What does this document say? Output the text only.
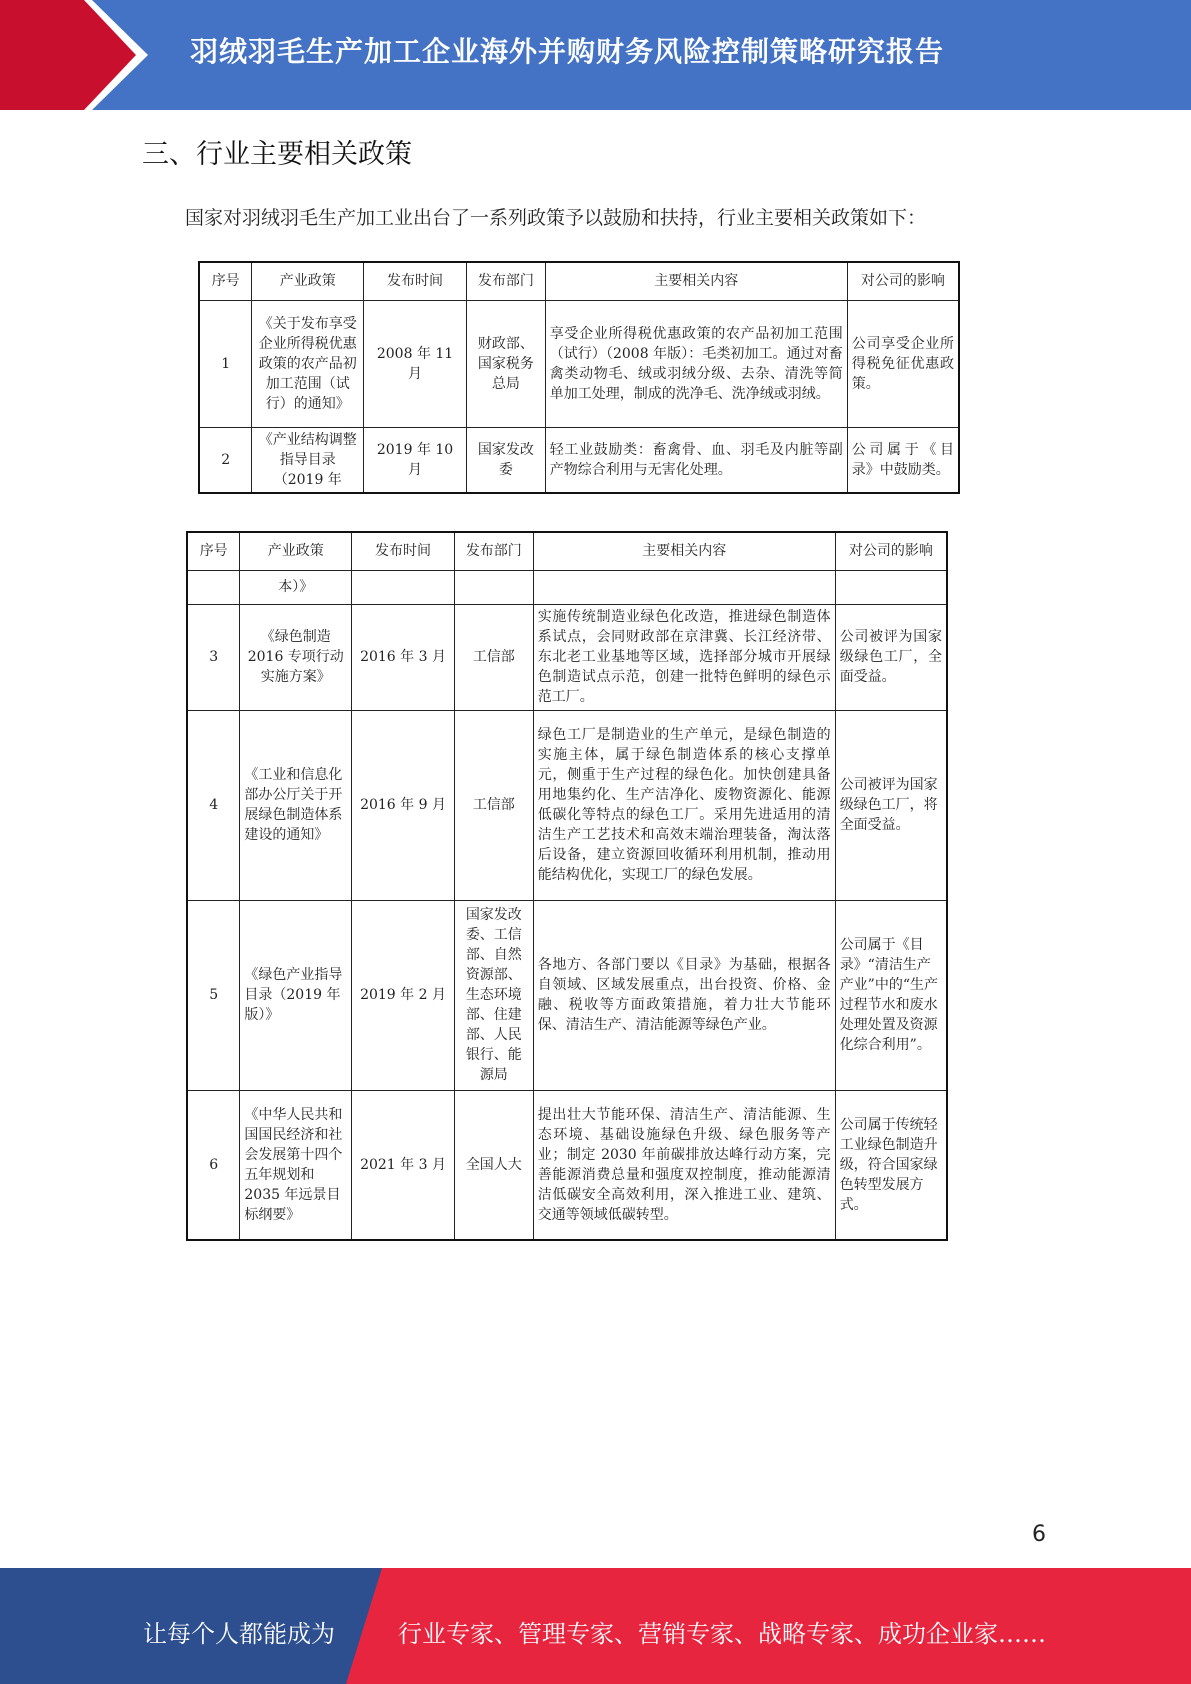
羽绒羽毛生产加工企业海外并购财务风险控制策略研究报告
三、行业主要相关政策
国家对羽绒羽毛生产加工业出台了一系列政策予以鼓励和扶持，行业主要相关政策如下：
序号	产业政策	发布时间	发布部门	主要相关内容	对公司的影响
1	《关于发布享受企业所得税优惠政策的农产品初加工范围（试行）的通知》	2008 年 11 月	财政部、国家税务总局	享受企业所得税优惠政策的农产品初加工范围（试行）（2008 年版）：毛类初加工。通过对畜禽类动物毛、绒或羽绒分级、去杂、清洗等简单加工处理，制成的洗净毛、洗净绒或羽绒。	公司享受企业所得税免征优惠政策。
2	《产业结构调整指导目录（2019 年	2019 年 10 月	国家发改委	轻工业鼓励类：畜禽骨、血、羽毛及内脏等副产物综合利用与无害化处理。	公司属于《目录》中鼓励类。
序号	产业政策	发布时间	发布部门	主要相关内容	对公司的影响
	本）》				
3	《绿色制造 2016 专项行动实施方案》	2016 年 3 月	工信部	实施传统制造业绿色化改造，推进绿色制造体系试点，会同财政部在京津冀、长江经济带、东北老工业基地等区域，选择部分城市开展绿色制造试点示范，创建一批特色鲜明的绿色示范工厂。	公司被评为国家级绿色工厂，全面受益。
4	《工业和信息化部办公厅关于开展绿色制造体系建设的通知》	2016 年 9 月	工信部	绿色工厂是制造业的生产单元，是绿色制造的实施主体，属于绿色制造体系的核心支撑单元，侧重于生产过程的绿色化。加快创建具备用地集约化、生产洁净化、废物资源化、能源低碳化等特点的绿色工厂。采用先进适用的清洁生产工艺技术和高效末端治理装备，淘汰落后设备，建立资源回收循环利用机制，推动用能结构优化，实现工厂的绿色发展。	公司被评为国家级绿色工厂，将全面受益。
5	《绿色产业指导目录（2019 年版）》	2019 年 2 月	国家发改委、工信部、自然资源部、生态环境部、住建部、人民银行、能源局	各地方、各部门要以《目录》为基础，根据各自领域、区域发展重点，出台投资、价格、金融、税收等方面政策措施，着力壮大节能环保、清洁生产、清洁能源等绿色产业。	公司属于《目录》“清洁生产产业”中的“生产过程节水和废水处理处置及资源化综合利用”。
6	《中华人民共和国国民经济和社会发展第十四个五年规划和 2035 年远景目标纲要》	2021 年 3 月	全国人大	提出壮大节能环保、清洁生产、清洁能源、生态环境、基础设施绿色升级、绿色服务等产业；制定 2030 年前碳排放达峰行动方案，完善能源消费总量和强度双控制度，推动能源清洁低碳安全高效利用，深入推进工业、建筑、交通等领域低碳转型。	公司属于传统轻工业绿色制造升级，符合国家绿色转型发展方式。
6
让每个人都能成为	行业专家、管理专家、营销专家、战略专家、成功企业家……
